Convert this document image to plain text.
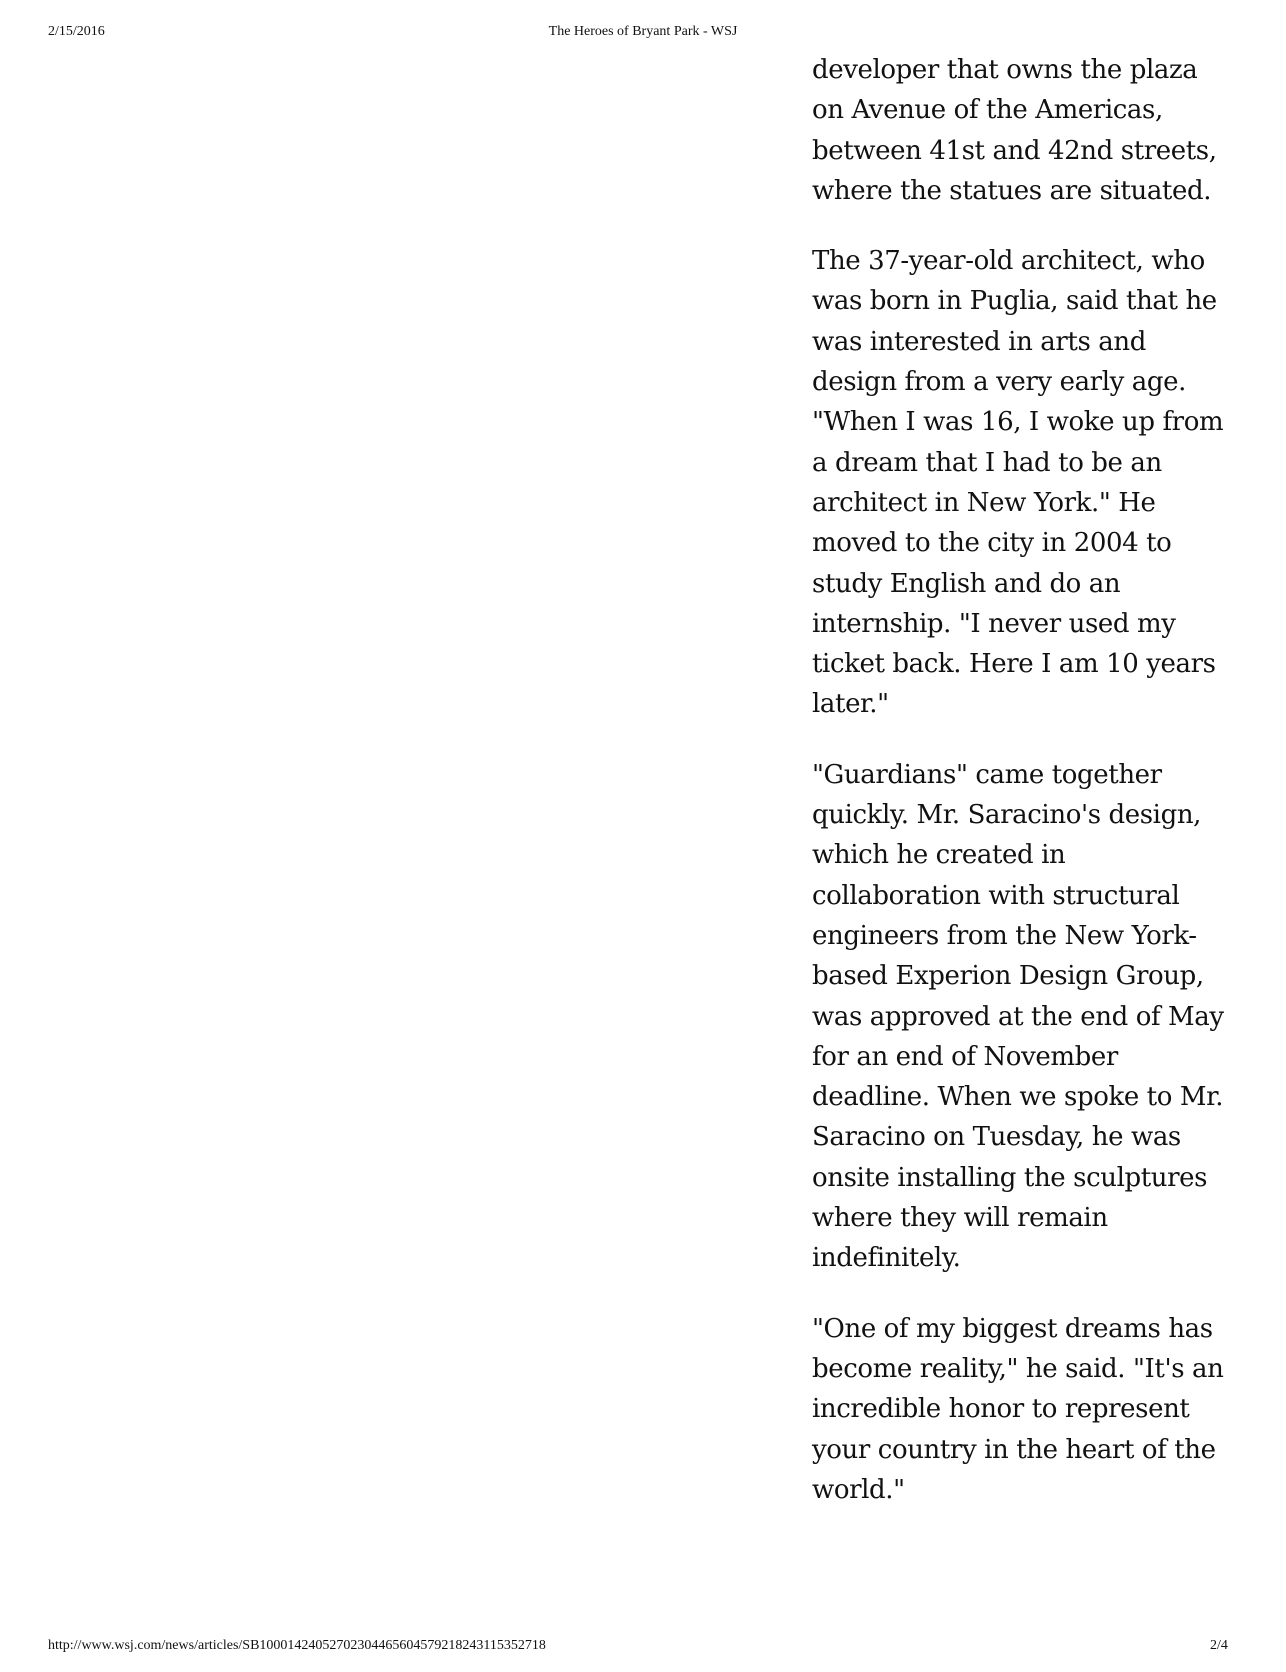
2/15/2016	The Heroes of Bryant Park - WSJ

developer that owns the plaza on Avenue of the Americas, between 41st and 42nd streets, where the statues are situated.

The 37-year-old architect, who was born in Puglia, said that he was interested in arts and design from a very early age. "When I was 16, I woke up from a dream that I had to be an architect in New York." He moved to the city in 2004 to study English and do an internship. "I never used my ticket back. Here I am 10 years later."

"Guardians" came together quickly. Mr. Saracino's design, which he created in collaboration with structural engineers from the New York-based Experion Design Group, was approved at the end of May for an end of November deadline. When we spoke to Mr. Saracino on Tuesday, he was onsite installing the sculptures where they will remain indefinitely.

"One of my biggest dreams has become reality," he said. "It's an incredible honor to represent your country in the heart of the world."

http://www.wsj.com/news/articles/SB10001424052702304465604579218243115352718	2/4
